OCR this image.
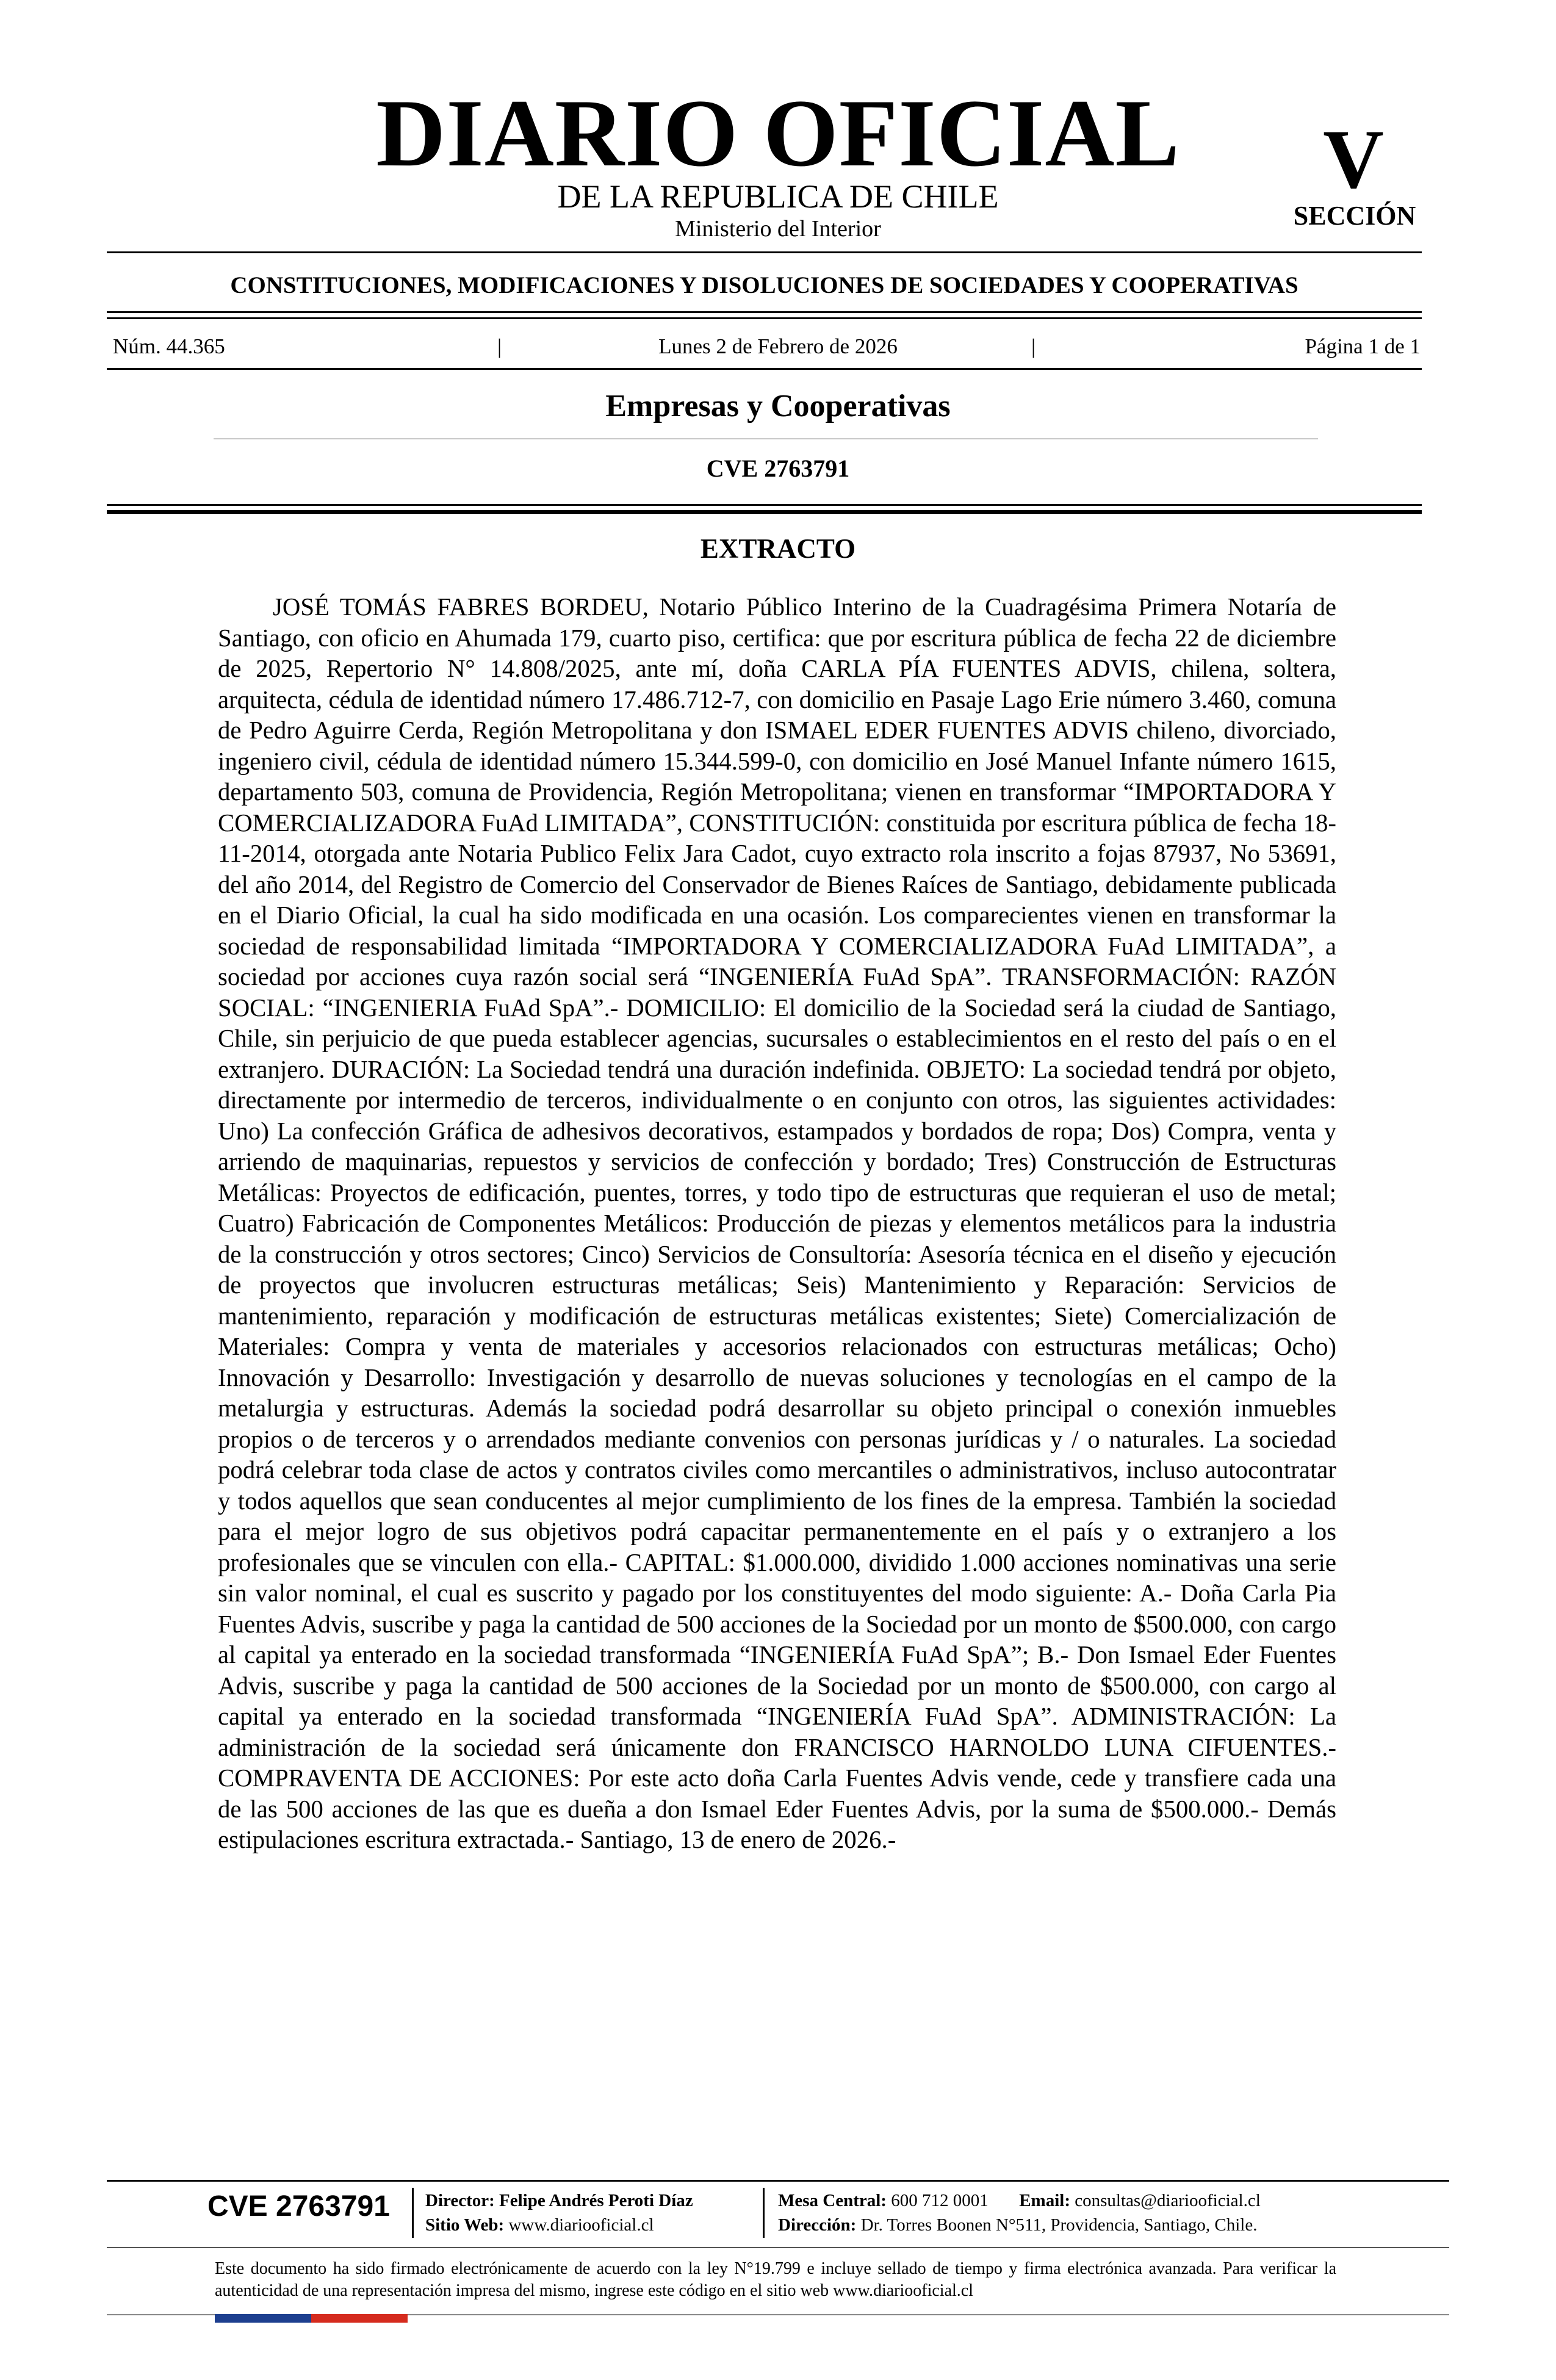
DIARIO OFICIAL
DE LA REPUBLICA DE CHILE
Ministerio del Interior
V
SECCIÓN
CONSTITUCIONES, MODIFICACIONES Y DISOLUCIONES DE SOCIEDADES Y COOPERATIVAS
Núm. 44.365	|	Lunes 2 de Febrero de 2026	|	Página 1 de 1
Empresas y Cooperativas
CVE 2763791
EXTRACTO

JOSÉ TOMÁS FABRES BORDEU, Notario Público Interino de la Cuadragésima Primera Notaría de Santiago, con oficio en Ahumada 179, cuarto piso, certifica: que por escritura pública de fecha 22 de diciembre de 2025, Repertorio N° 14.808/2025, ante mí, doña CARLA PÍA FUENTES ADVIS, chilena, soltera, arquitecta, cédula de identidad número 17.486.712-7, con domicilio en Pasaje Lago Erie número 3.460, comuna de Pedro Aguirre Cerda, Región Metropolitana y don ISMAEL EDER FUENTES ADVIS chileno, divorciado, ingeniero civil, cédula de identidad número 15.344.599-0, con domicilio en José Manuel Infante número 1615, departamento 503, comuna de Providencia, Región Metropolitana; vienen en transformar “IMPORTADORA Y COMERCIALIZADORA FuAd LIMITADA”, CONSTITUCIÓN: constituida por escritura pública de fecha 18-11-2014, otorgada ante Notaria Publico Felix Jara Cadot, cuyo extracto rola inscrito a fojas 87937, No 53691, del año 2014, del Registro de Comercio del Conservador de Bienes Raíces de Santiago, debidamente publicada en el Diario Oficial, la cual ha sido modificada en una ocasión. Los comparecientes vienen en transformar la sociedad de responsabilidad limitada “IMPORTADORA Y COMERCIALIZADORA FuAd LIMITADA”, a sociedad por acciones cuya razón social será “INGENIERÍA FuAd SpA”. TRANSFORMACIÓN: RAZÓN SOCIAL: “INGENIERIA FuAd SpA”.- DOMICILIO: El domicilio de la Sociedad será la ciudad de Santiago, Chile, sin perjuicio de que pueda establecer agencias, sucursales o establecimientos en el resto del país o en el extranjero. DURACIÓN: La Sociedad tendrá una duración indefinida. OBJETO: La sociedad tendrá por objeto, directamente por intermedio de terceros, individualmente o en conjunto con otros, las siguientes actividades: Uno) La confección Gráfica de adhesivos decorativos, estampados y bordados de ropa; Dos) Compra, venta y arriendo de maquinarias, repuestos y servicios de confección y bordado; Tres) Construcción de Estructuras Metálicas: Proyectos de edificación, puentes, torres, y todo tipo de estructuras que requieran el uso de metal; Cuatro) Fabricación de Componentes Metálicos: Producción de piezas y elementos metálicos para la industria de la construcción y otros sectores; Cinco) Servicios de Consultoría: Asesoría técnica en el diseño y ejecución de proyectos que involucren estructuras metálicas; Seis) Mantenimiento y Reparación: Servicios de mantenimiento, reparación y modificación de estructuras metálicas existentes; Siete) Comercialización de Materiales: Compra y venta de materiales y accesorios relacionados con estructuras metálicas; Ocho) Innovación y Desarrollo: Investigación y desarrollo de nuevas soluciones y tecnologías en el campo de la metalurgia y estructuras. Además la sociedad podrá desarrollar su objeto principal o conexión inmuebles propios o de terceros y o arrendados mediante convenios con personas jurídicas y / o naturales. La sociedad podrá celebrar toda clase de actos y contratos civiles como mercantiles o administrativos, incluso autocontratar y todos aquellos que sean conducentes al mejor cumplimiento de los fines de la empresa. También la sociedad para el mejor logro de sus objetivos podrá capacitar permanentemente en el país y o extranjero a los profesionales que se vinculen con ella.- CAPITAL: $1.000.000, dividido 1.000 acciones nominativas una serie sin valor nominal, el cual es suscrito y pagado por los constituyentes del modo siguiente: A.- Doña Carla Pia Fuentes Advis, suscribe y paga la cantidad de 500 acciones de la Sociedad por un monto de $500.000, con cargo al capital ya enterado en la sociedad transformada “INGENIERÍA FuAd SpA”; B.- Don Ismael Eder Fuentes Advis, suscribe y paga la cantidad de 500 acciones de la Sociedad por un monto de $500.000, con cargo al capital ya enterado en la sociedad transformada “INGENIERÍA FuAd SpA”. ADMINISTRACIÓN: La administración de la sociedad será únicamente don FRANCISCO HARNOLDO LUNA CIFUENTES.- COMPRAVENTA DE ACCIONES: Por este acto doña Carla Fuentes Advis vende, cede y transfiere cada una de las 500 acciones de las que es dueña a don Ismael Eder Fuentes Advis, por la suma de $500.000.- Demás estipulaciones escritura extractada.- Santiago, 13 de enero de 2026.-

CVE 2763791	Director: Felipe Andrés Peroti Díaz
Sitio Web: www.diariooficial.cl
Mesa Central: 600 712 0001 Email: consultas@diariooficial.cl
Dirección: Dr. Torres Boonen N°511, Providencia, Santiago, Chile.

Este documento ha sido firmado electrónicamente de acuerdo con la ley N°19.799 e incluye sellado de tiempo y firma electrónica avanzada. Para verificar la autenticidad de una representación impresa del mismo, ingrese este código en el sitio web www.diariooficial.cl
